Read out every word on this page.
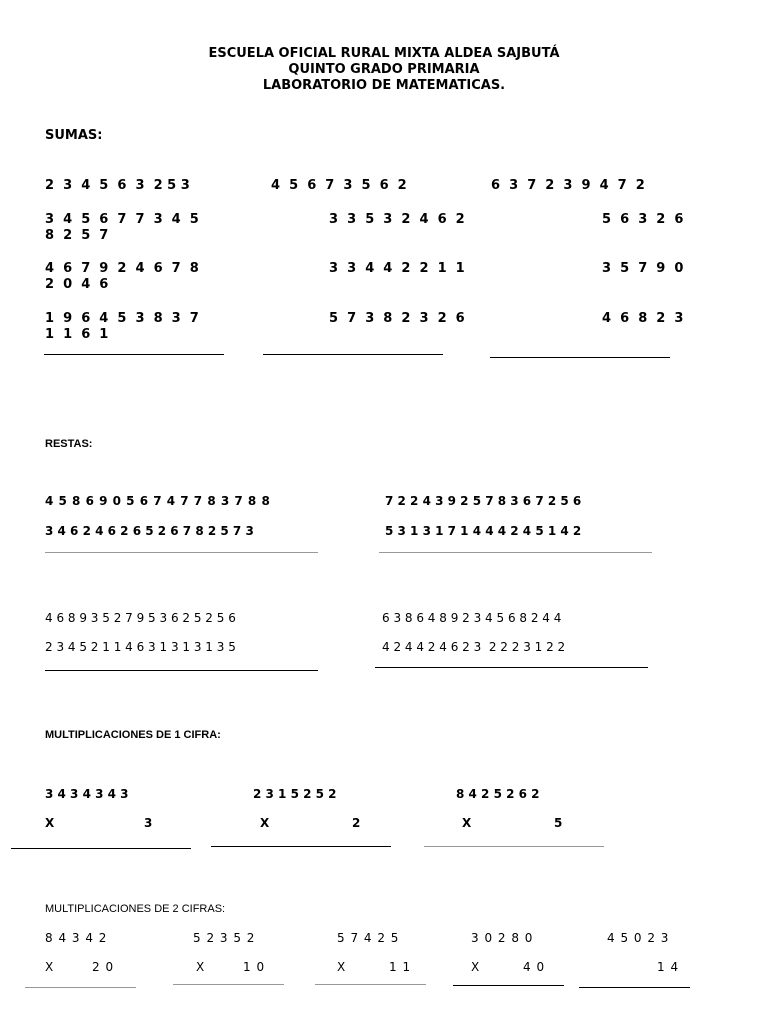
ESCUELA OFICIAL RURAL MIXTA ALDEA SAJBUTÁ
QUINTO GRADO PRIMARIA
LABORATORIO DE MATEMATICAS.
SUMAS:
2  3  4  5  6  3  2 5 3	4  5  6  7  3  5  6  2	6  3  7  2  3  9  4  7  2
3  4  5  6  7  7  3  4  5	3  3  5  3  2  4  6  2	5  6  3  2  6
8  2  5  7
4  6  7  9  2  4  6  7  8	3  3  4  4  2  2  1  1	3  5  7  9  0
2  0  4  6
1  9  6  4  5  3  8  3  7	5  7  3  8  2  3  2  6	4  6  8  2  3
1  1  6  1
RESTAS:
4 5 8 6 9 0 5 6 7 4 7 7 8 3 7 8 8
3 4 6 2 4 6 2 6 5 2 6 7 8 2 5 7 3
7 2 2 4 3 9 2 5 7 8 3 6 7 2 5 6
5 3 1 3 1 7 1 4 4 4 2 4 5 1 4 2
4 6 8 9 3 5 2 7 9 5 3 6 2 5 2 5 6
2 3 4 5 2 1 1 4 6 3 1 3 1 3 1 3 5
6 3 8 6 4 8 9 2 3 4 5 6 8 2 4 4
4 2 4 4 2 4 6 2 3  2 2 2 3 1 2 2
MULTIPLICACIONES DE 1 CIFRA:
3 4 3 4 3 4 3
X	3
2 3 1 5 2 5 2
X	2
8 4 2 5 2 6 2
X	5
MULTIPLICACIONES DE 2 CIFRAS:
8 4 3 4 2
X	2 0
5 2 3 5 2
X	1 0
5 7 4 2 5
X	1 1
3 0 2 8 0
X	4 0
4 5 0 2 3
1 4
